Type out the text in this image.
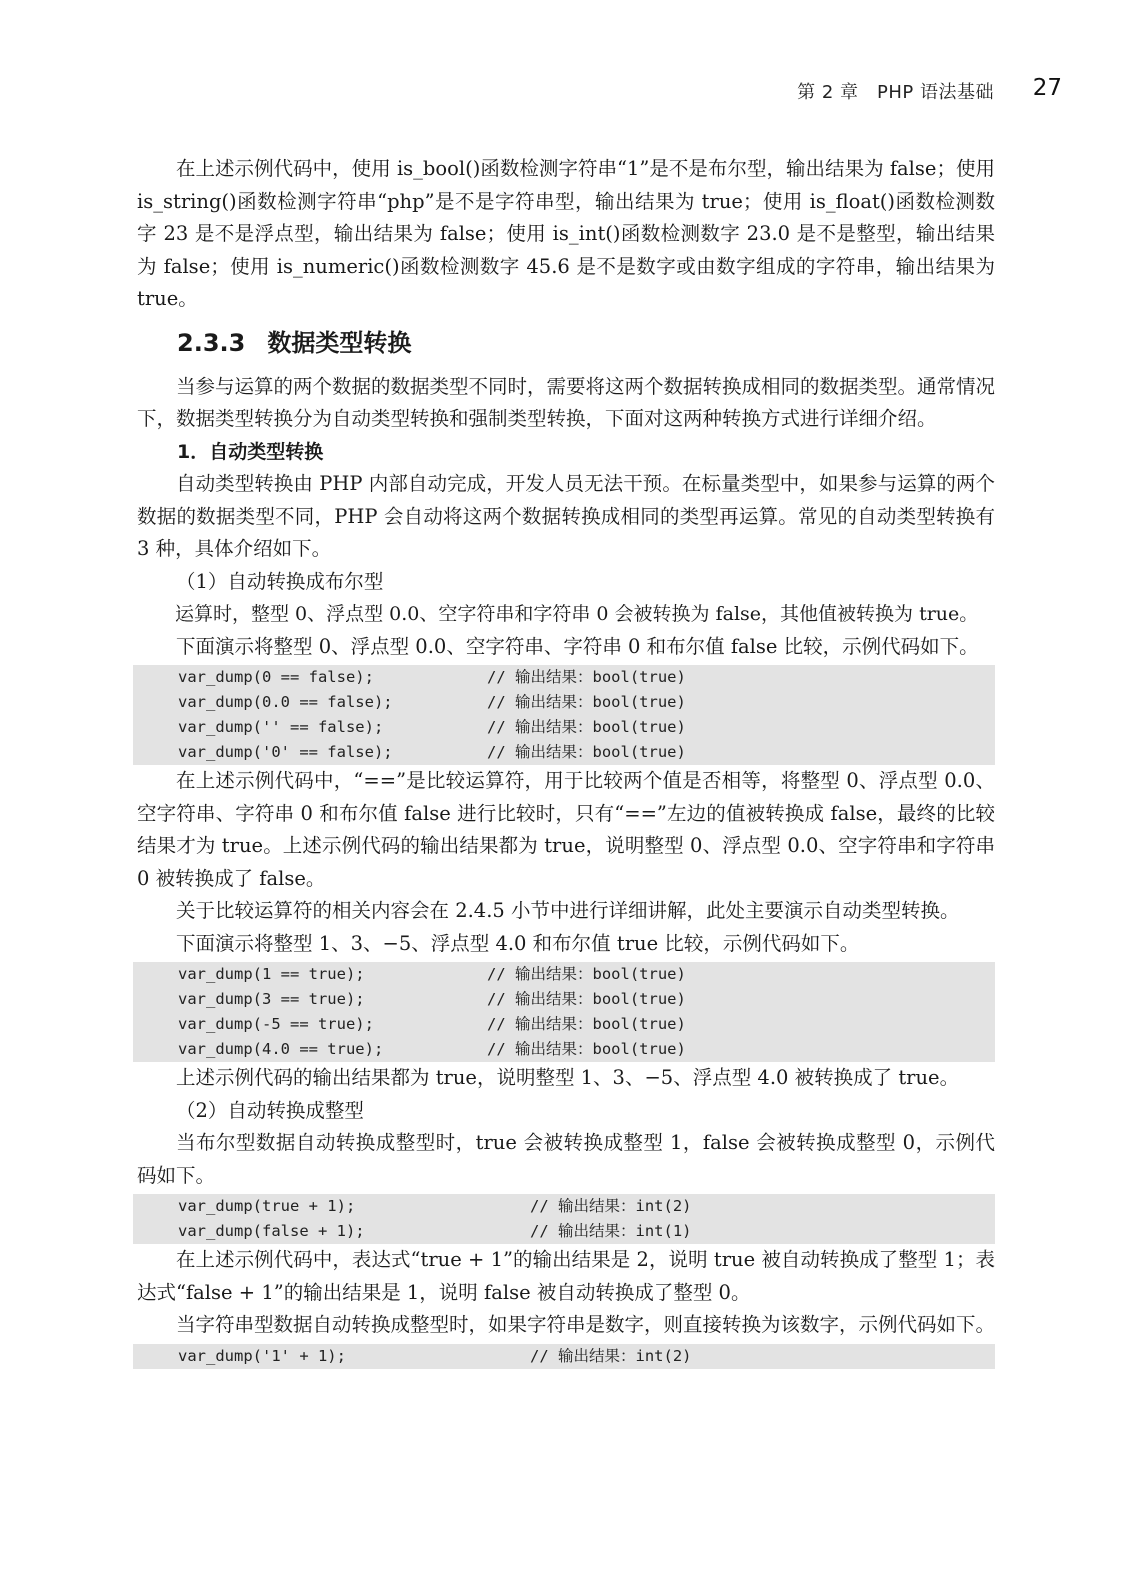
第 2 章　PHP 语法基础 27

在上述示例代码中，使用 is_bool()函数检测字符串“1”是不是布尔型，输出结果为 false；使用 is_string()函数检测字符串“php”是不是字符串型，输出结果为 true；使用 is_float()函数检测数字 23 是不是浮点型，输出结果为 false；使用 is_int()函数检测数字 23.0 是不是整型，输出结果为 false；使用 is_numeric()函数检测数字 45.6 是不是数字或由数字组成的字符串，输出结果为 true。

2.3.3 数据类型转换

当参与运算的两个数据的数据类型不同时，需要将这两个数据转换成相同的数据类型。通常情况下，数据类型转换分为自动类型转换和强制类型转换，下面对这两种转换方式进行详细介绍。

1．自动类型转换

自动类型转换由 PHP 内部自动完成，开发人员无法干预。在标量类型中，如果参与运算的两个数据的数据类型不同，PHP 会自动将这两个数据转换成相同的类型再运算。常见的自动类型转换有 3 种，具体介绍如下。

（1）自动转换成布尔型

运算时，整型 0、浮点型 0.0、空字符串和字符串 0 会被转换为 false，其他值被转换为 true。

下面演示将整型 0、浮点型 0.0、空字符串、字符串 0 和布尔值 false 比较，示例代码如下。

var_dump(0 == false);	// 输出结果：bool(true)
var_dump(0.0 == false);	// 输出结果：bool(true)
var_dump('' == false);	// 输出结果：bool(true)
var_dump('0' == false);	// 输出结果：bool(true)

在上述示例代码中，“==”是比较运算符，用于比较两个值是否相等，将整型 0、浮点型 0.0、空字符串、字符串 0 和布尔值 false 进行比较时，只有“==”左边的值被转换成 false，最终的比较结果才为 true。上述示例代码的输出结果都为 true，说明整型 0、浮点型 0.0、空字符串和字符串 0 被转换成了 false。

关于比较运算符的相关内容会在 2.4.5 小节中进行详细讲解，此处主要演示自动类型转换。

下面演示将整型 1、3、−5、浮点型 4.0 和布尔值 true 比较，示例代码如下。

var_dump(1 == true);	// 输出结果：bool(true)
var_dump(3 == true);	// 输出结果：bool(true)
var_dump(-5 == true);	// 输出结果：bool(true)
var_dump(4.0 == true);	// 输出结果：bool(true)

上述示例代码的输出结果都为 true，说明整型 1、3、−5、浮点型 4.0 被转换成了 true。

（2）自动转换成整型

当布尔型数据自动转换成整型时，true 会被转换成整型 1，false 会被转换成整型 0，示例代码如下。

var_dump(true + 1);	// 输出结果：int(2)
var_dump(false + 1);	// 输出结果：int(1)

在上述示例代码中，表达式“true + 1”的输出结果是 2，说明 true 被自动转换成了整型 1；表达式“false + 1”的输出结果是 1，说明 false 被自动转换成了整型 0。

当字符串型数据自动转换成整型时，如果字符串是数字，则直接转换为该数字，示例代码如下。

var_dump('1' + 1);	// 输出结果：int(2)
